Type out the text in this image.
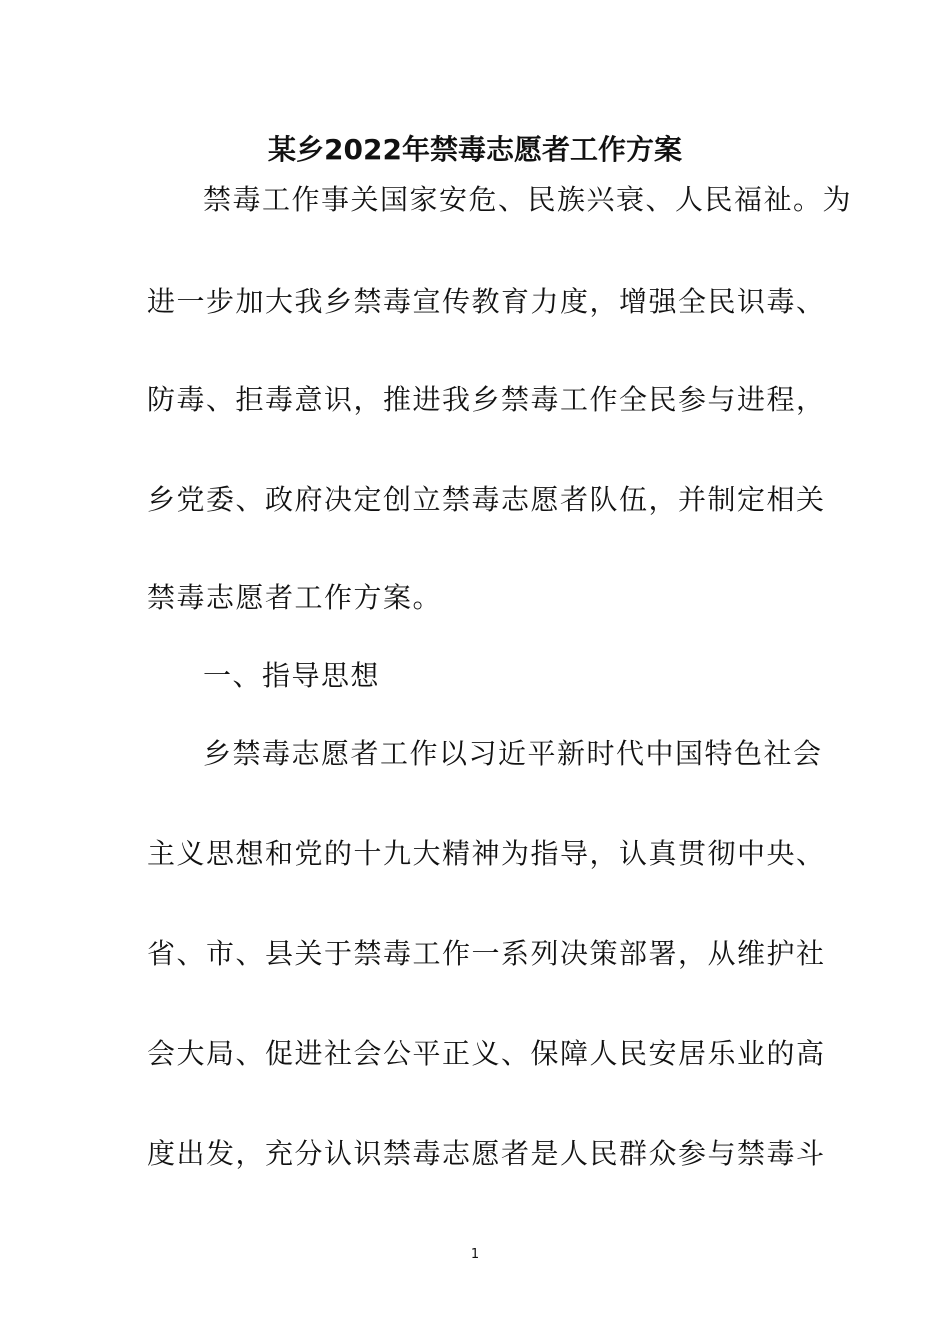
某乡2022年禁毒志愿者工作方案

禁毒工作事关国家安危、民族兴衰、人民福祉。为

进一步加大我乡禁毒宣传教育力度，增强全民识毒、

防毒、拒毒意识，推进我乡禁毒工作全民参与进程，

乡党委、政府决定创立禁毒志愿者队伍，并制定相关

禁毒志愿者工作方案。

一、指导思想

乡禁毒志愿者工作以习近平新时代中国特色社会

主义思想和党的十九大精神为指导，认真贯彻中央、

省、市、县关于禁毒工作一系列决策部署，从维护社

会大局、促进社会公平正义、保障人民安居乐业的高

度出发，充分认识禁毒志愿者是人民群众参与禁毒斗

1
